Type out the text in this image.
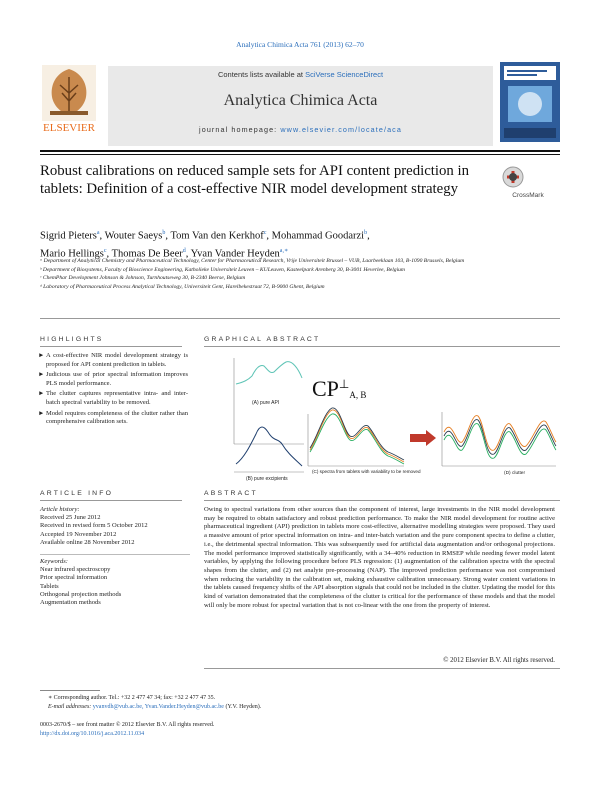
Analytica Chimica Acta 761 (2013) 62–70
Contents lists available at SciVerse ScienceDirect
Analytica Chimica Acta
journal homepage: www.elsevier.com/locate/aca
ELSEVIER
Robust calibrations on reduced sample sets for API content prediction in tablets: Definition of a cost-effective NIR model development strategy	CrossMark
Sigrid Pieters$^a$, Wouter Saeys$^b$, Tom Van den Kerkhof$^c$, Mohammad Goodarzi$^b$,
Mario Hellings$^c$, Thomas De Beer$^d$, Yvan Vander Heyden$^{a,∗}$
ᵃ Department of Analytical Chemistry and Pharmaceutical Technology, Center for Pharmaceutical Research, Vrije Universiteit Brussel – VUB, Laarbeeklaan 103, B-1090 Brussels, Belgium
ᵇ Department of Biosystems, Faculty of Bioscience Engineering, Katholieke Universiteit Leuven – KULeuven, Kasteelpark Arenberg 30, B-3001 Heverlee, Belgium
ᶜ ChemPhar Development Johnson & Johnson, Turnhoutseweg 30, B-2340 Beerse, Belgium
ᵈ Laboratory of Pharmaceutical Process Analytical Technology, Universiteit Gent, Harelbekestraat 72, B-9000 Ghent, Belgium
HIGHLIGHTS
► A cost-effective NIR model development strategy is proposed for API content prediction in tablets.
► Judicious use of prior spectral information improves PLS model performance.
► The clutter captures representative intra- and inter-batch spectral variability to be removed.
► Model requires completeness of the clutter rather than comprehensive calibration sets.
GRAPHICAL ABSTRACT
(A) pure API
(B) pure excipients
$CP^\perp_{A, B}$
(C) spectra from tablets with variability to be removed	(D) clutter
ARTICLE INFO
Article history:
Received 25 June 2012
Received in revised form 5 October 2012
Accepted 19 November 2012
Available online 28 November 2012
Keywords:
Near infrared spectroscopy
Prior spectral information
Tablets
Orthogonal projection methods
Augmentation methods
ABSTRACT
Owing to spectral variations from other sources than the component of interest, large investments in the NIR model development may be required to obtain satisfactory and robust prediction performance. To make the NIR model development for routine active pharmaceutical ingredient (API) prediction in tablets more cost-effective, alternative modelling strategies were proposed. They used a massive amount of prior spectral information on intra- and inter-batch variation and the pure component spectra to define a clutter, i.e., the detrimental spectral information. This was subsequently used for artificial data augmentation and/or orthogonal projections. The model performance improved statistically significantly, with a 34–40% reduction in RMSEP while needing fewer model latent variables, by applying the following procedure before PLS regression: (1) augmentation of the calibration spectra with the spectral shapes from the clutter, and (2) net analyte pre-processing (NAP). The improved prediction performance was not compromised when reducing the variability in the calibration set, making exhaustive calibration unnecessary. Strong water content variations in the tablets caused frequency shifts of the API absorption signals that could not be included in the clutter. Updating the model for this kind of variation demonstrated that the completeness of the clutter is critical for the performance of these models and that the model will only be more robust for spectral variation that is not co-linear with the one from the property of interest.
© 2012 Elsevier B.V. All rights reserved.
∗ Corresponding author. Tel.: +32 2 477 47 34; fax: +32 2 477 47 35.
E-mail addresses: yvanvdh@vub.ac.be, Yvan.Vander.Heyden@vub.ac.be (Y.V. Heyden).
0003-2670/$ – see front matter © 2012 Elsevier B.V. All rights reserved.
http://dx.doi.org/10.1016/j.aca.2012.11.034
